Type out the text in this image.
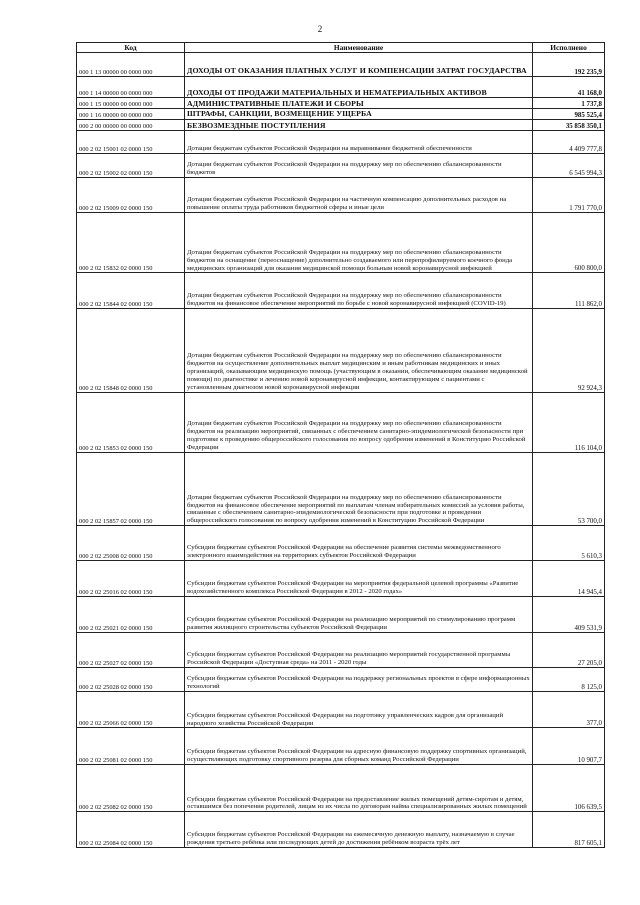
2
Код	Наименование	Исполнено
000 1 13 00000 00 0000 000	ДОХОДЫ ОТ ОКАЗАНИЯ ПЛАТНЫХ УСЛУГ И КОМПЕНСАЦИИ ЗАТРАТ ГОСУДАРСТВА	192 235,9
000 1 14 00000 00 0000 000	ДОХОДЫ ОТ ПРОДАЖИ МАТЕРИАЛЬНЫХ И НЕМАТЕРИАЛЬНЫХ АКТИВОВ	41 168,0
000 1 15 00000 00 0000 000	АДМИНИСТРАТИВНЫЕ ПЛАТЕЖИ И СБОРЫ	1 737,8
000 1 16 00000 00 0000 000	ШТРАФЫ, САНКЦИИ, ВОЗМЕЩЕНИЕ УЩЕРБА	985 525,4
000 2 00 00000 00 0000 000	БЕЗВОЗМЕЗДНЫЕ ПОСТУПЛЕНИЯ	35 858 350,1
000 2 02 15001 02 0000 150	Дотации бюджетам субъектов Российской Федерации на выравнивание бюджетной обеспеченности	4 409 777,8
000 2 02 15002 02 0000 150	Дотации бюджетам субъектов Российской Федерации на поддержку мер по обеспечению сбалансированности бюджетов	6 545 994,3
000 2 02 15009 02 0000 150	Дотации бюджетам субъектов Российской Федерации на частичную компенсацию дополнительных расходов на повышение оплаты труда работников бюджетной сферы и иные цели	1 791 770,0
000 2 02 15832 02 0000 150	Дотации бюджетам субъектов Российской Федерации на поддержку мер по обеспечению сбалансированности бюджетов на оснащение (переоснащение) дополнительно создаваемого или перепрофилируемого коечного фонда медицинских организаций для оказания медицинской помощи больным новой коронавирусной инфекцией	600 800,0
000 2 02 15844 02 0000 150	Дотации бюджетам субъектов Российской Федерации на поддержку мер по обеспечению сбалансированности бюджетов на финансовое обеспечение мероприятий по борьбе с новой коронавирусной инфекцией (COVID-19)	111 862,0
000 2 02 15848 02 0000 150	Дотации бюджетам субъектов Российской Федерации на поддержку мер по обеспечению сбалансированности бюджетов на осуществление дополнительных выплат медицинским и иным работникам медицинских и иных организаций, оказывающим медицинскую помощь (участвующим в оказании, обеспечивающим оказание медицинской помощи) по диагностике и лечению новой коронавирусной инфекции, контактирующим с пациентами с установленным диагнозом новой коронавирусной инфекции	92 924,3
000 2 02 15853 02 0000 150	Дотации бюджетам субъектов Российской Федерации на поддержку мер по обеспечению сбалансированности бюджетов на реализацию мероприятий, связанных с обеспечением санитарно-эпидемиологической безопасности при подготовке к проведению общероссийского голосования по вопросу одобрения изменений в Конституцию Российской Федерации	116 104,0
000 2 02 15857 02 0000 150	Дотации бюджетам субъектов Российской Федерации на поддержку мер по обеспечению сбалансированности бюджетов на финансовое обеспечение мероприятий по выплатам членам избирательных комиссий за условия работы, связанные с обеспечением санитарно-эпидемиологической безопасности при подготовке и проведении общероссийского голосования по вопросу одобрения изменений в Конституцию Российской Федерации	53 700,0
000 2 02 25008 02 0000 150	Субсидии бюджетам субъектов Российской Федерации на обеспечение развития системы межведомственного электронного взаимодействия на территориях субъектов Российской Федерации	5 610,3
000 2 02 25016 02 0000 150	Субсидии бюджетам субъектов Российской Федерации на мероприятия федеральной целевой программы «Развитие водохозяйственного комплекса Российской Федерации в 2012 - 2020 годах»	14 945,4
000 2 02 25021 02 0000 150	Субсидии бюджетам субъектов Российской Федерации на реализацию мероприятий по стимулированию программ развития жилищного строительства субъектов Российской Федерации	409 531,9
000 2 02 25027 02 0000 150	Субсидии бюджетам субъектов Российской Федерации на реализацию мероприятий государственной программы Российской Федерации «Доступная среда» на 2011 - 2020 годы	27 205,0
000 2 02 25028 02 0000 150	Субсидии бюджетам субъектов Российской Федерации на поддержку региональных проектов в сфере информационных технологий	8 125,0
000 2 02 25066 02 0000 150	Субсидии бюджетам субъектов Российской Федерации на подготовку управленческих кадров для организаций народного хозяйства Российской Федерации	377,0
000 2 02 25081 02 0000 150	Субсидии бюджетам субъектов Российской Федерации на адресную финансовую поддержку спортивных организаций, осуществляющих подготовку спортивного резерва для сборных команд Российской Федерации	10 907,7
000 2 02 25082 02 0000 150	Субсидии бюджетам субъектов Российской Федерации на предоставление жилых помещений детям-сиротам и детям, оставшимся без попечения родителей, лицам из их числа по договорам найма специализированных жилых помещений	106 639,5
000 2 02 25084 02 0000 150	Субсидии бюджетам субъектов Российской Федерации на ежемесячную денежную выплату, назначаемую в случае рождения третьего ребёнка или последующих детей до достижения ребёнком возраста трёх лет	817 605,1
